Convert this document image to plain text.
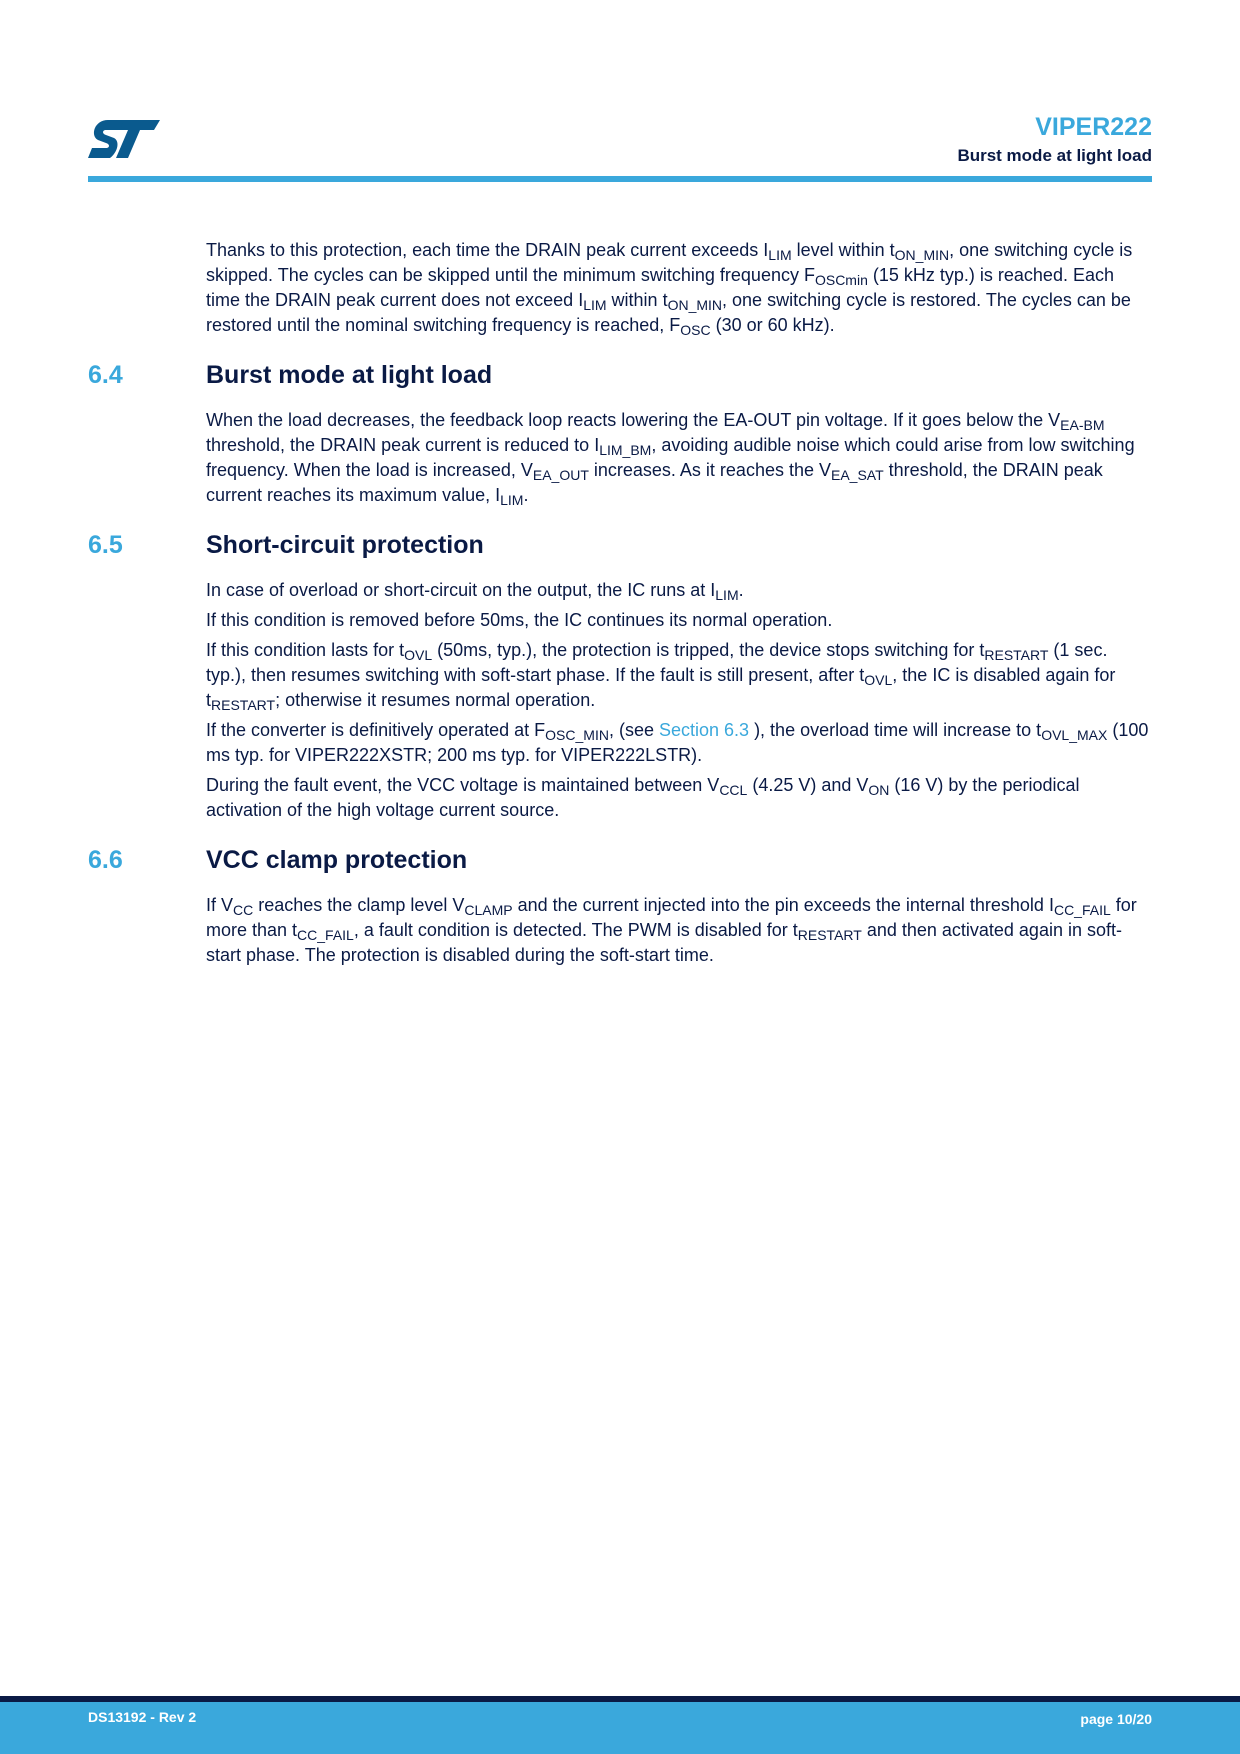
VIPER222
Burst mode at light load

Thanks to this protection, each time the DRAIN peak current exceeds $I_{LIM}$ level within $t_{ON\_MIN}$, one switching cycle is skipped. The cycles can be skipped until the minimum switching frequency $F_{OSCmin}$ (15 kHz typ.) is reached. Each time the DRAIN peak current does not exceed $I_{LIM}$ within $t_{ON\_MIN}$, one switching cycle is restored. The cycles can be restored until the nominal switching frequency is reached, $F_{OSC}$ (30 or 60 kHz).

6.4	Burst mode at light load

When the load decreases, the feedback loop reacts lowering the EA-OUT pin voltage. If it goes below the $V_{EA-BM}$ threshold, the DRAIN peak current is reduced to $I_{LIM\_BM}$, avoiding audible noise which could arise from low switching frequency. When the load is increased, $V_{EA\_OUT}$ increases. As it reaches the $V_{EA\_SAT}$ threshold, the DRAIN peak current reaches its maximum value, $I_{LIM}$.

6.5	Short-circuit protection

In case of overload or short-circuit on the output, the IC runs at $I_{LIM}$.

If this condition is removed before 50ms, the IC continues its normal operation.

If this condition lasts for $t_{OVL}$ (50ms, typ.), the protection is tripped, the device stops switching for $t_{RESTART}$ (1 sec. typ.), then resumes switching with soft-start phase. If the fault is still present, after $t_{OVL}$, the IC is disabled again for $t_{RESTART}$; otherwise it resumes normal operation.

If the converter is definitively operated at $F_{OSC\_MIN}$, (see Section 6.3 ), the overload time will increase to $t_{OVL\_MAX}$ (100 ms typ. for VIPER222XSTR; 200 ms typ. for VIPER222LSTR).

During the fault event, the VCC voltage is maintained between $V_{CCL}$ (4.25 V) and $V_{ON}$ (16 V) by the periodical activation of the high voltage current source.

6.6	VCC clamp protection

If $V_{CC}$ reaches the clamp level $V_{CLAMP}$ and the current injected into the pin exceeds the internal threshold $I_{CC\_FAIL}$ for more than $t_{CC\_FAIL}$, a fault condition is detected. The PWM is disabled for $t_{RESTART}$ and then activated again in soft-start phase. The protection is disabled during the soft-start time.

DS13192 - Rev 2	page 10/20
